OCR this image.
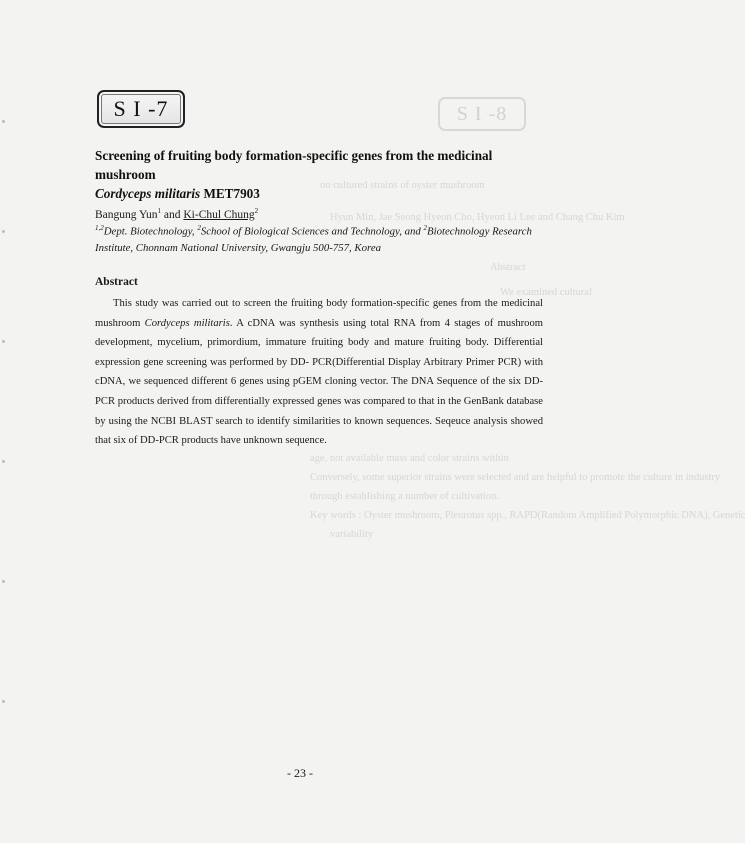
S I -8
on cultured strains of oyster mushroom
Hyun Min, Jae Seong Hyeon Cho, Hyeon Li Lee and Chang Chu Kim
Abstract
We examined cultural
age, not available mass and color strains within
Conversely, some superior strains were selected and are helpful to promote the culture in industry
through establishing a number of cultivation.
Key words : Oyster mushroom, Pleurotus spp., RAPD(Random Amplified Polymorphic DNA), Genetic
variability
S I -7
Screening of fruiting body formation-specific genes from the medicinal mushroom
Cordyceps militaris MET7903
Bangung Yun$^1$ and Ki-Chul Chung$^2$
$^{1,2}$Dept. Biotechnology, $^2$School of Biological Sciences and Technology, and $^2$Biotechnology Research Institute, Chonnam National University, Gwangju 500-757, Korea
Abstract
This study was carried out to screen the fruiting body formation-specific genes from the medicinal mushroom Cordyceps militaris. A cDNA was synthesis using total RNA from 4 stages of mushroom development, mycelium, primordium, immature fruiting body and mature fruiting body. Differential expression gene screening was performed by DD- PCR(Differential Display Arbitrary Primer PCR) with cDNA, we sequenced different 6 genes using pGEM cloning vector. The DNA Sequence of the six DD-PCR products derived from differentially expressed genes was compared to that in the GenBank database by using the NCBI BLAST search to identify similarities to known sequences. Seqeuce analysis showed that six of DD-PCR products have unknown sequence.
- 23 -
